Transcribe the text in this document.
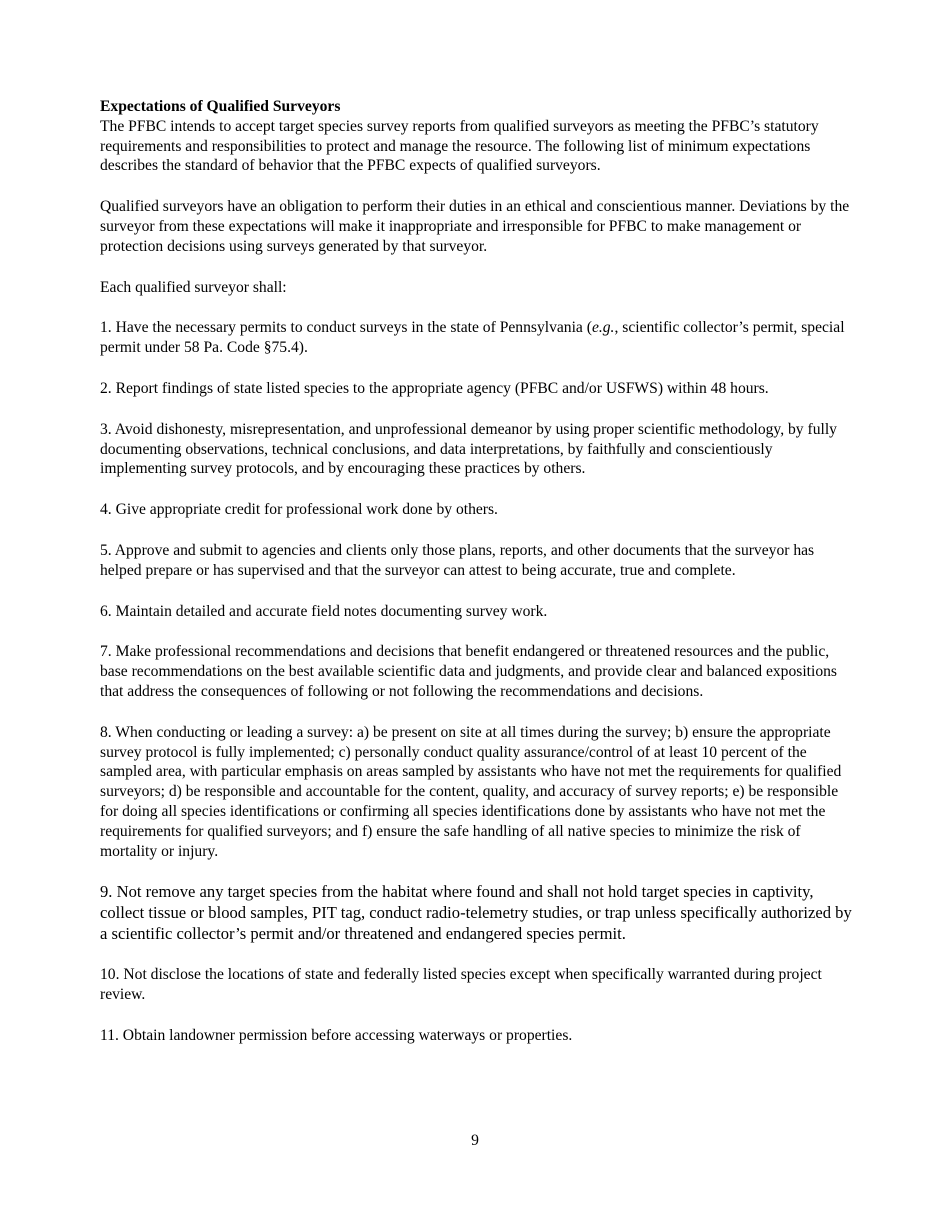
Expectations of Qualified Surveyors

The PFBC intends to accept target species survey reports from qualified surveyors as meeting the PFBC’s statutory requirements and responsibilities to protect and manage the resource. The following list of minimum expectations describes the standard of behavior that the PFBC expects of qualified surveyors.

Qualified surveyors have an obligation to perform their duties in an ethical and conscientious manner. Deviations by the surveyor from these expectations will make it inappropriate and irresponsible for PFBC to make management or protection decisions using surveys generated by that surveyor.

Each qualified surveyor shall:

1. Have the necessary permits to conduct surveys in the state of Pennsylvania (e.g., scientific collector’s permit, special permit under 58 Pa. Code §75.4).

2. Report findings of state listed species to the appropriate agency (PFBC and/or USFWS) within 48 hours.

3. Avoid dishonesty, misrepresentation, and unprofessional demeanor by using proper scientific methodology, by fully documenting observations, technical conclusions, and data interpretations, by faithfully and conscientiously implementing survey protocols, and by encouraging these practices by others.

4. Give appropriate credit for professional work done by others.

5. Approve and submit to agencies and clients only those plans, reports, and other documents that the surveyor has helped prepare or has supervised and that the surveyor can attest to being accurate, true and complete.

6. Maintain detailed and accurate field notes documenting survey work.

7. Make professional recommendations and decisions that benefit endangered or threatened resources and the public, base recommendations on the best available scientific data and judgments, and provide clear and balanced expositions that address the consequences of following or not following the recommendations and decisions.

8. When conducting or leading a survey: a) be present on site at all times during the survey; b) ensure the appropriate survey protocol is fully implemented; c) personally conduct quality assurance/control of at least 10 percent of the sampled area, with particular emphasis on areas sampled by assistants who have not met the requirements for qualified surveyors; d) be responsible and accountable for the content, quality, and accuracy of survey reports; e) be responsible for doing all species identifications or confirming all species identifications done by assistants who have not met the requirements for qualified surveyors; and f) ensure the safe handling of all native species to minimize the risk of mortality or injury.

9. Not remove any target species from the habitat where found and shall not hold target species in captivity, collect tissue or blood samples, PIT tag, conduct radio-telemetry studies, or trap unless specifically authorized by a scientific collector’s permit and/or threatened and endangered species permit.

10. Not disclose the locations of state and federally listed species except when specifically warranted during project review.

11. Obtain landowner permission before accessing waterways or properties.

9
